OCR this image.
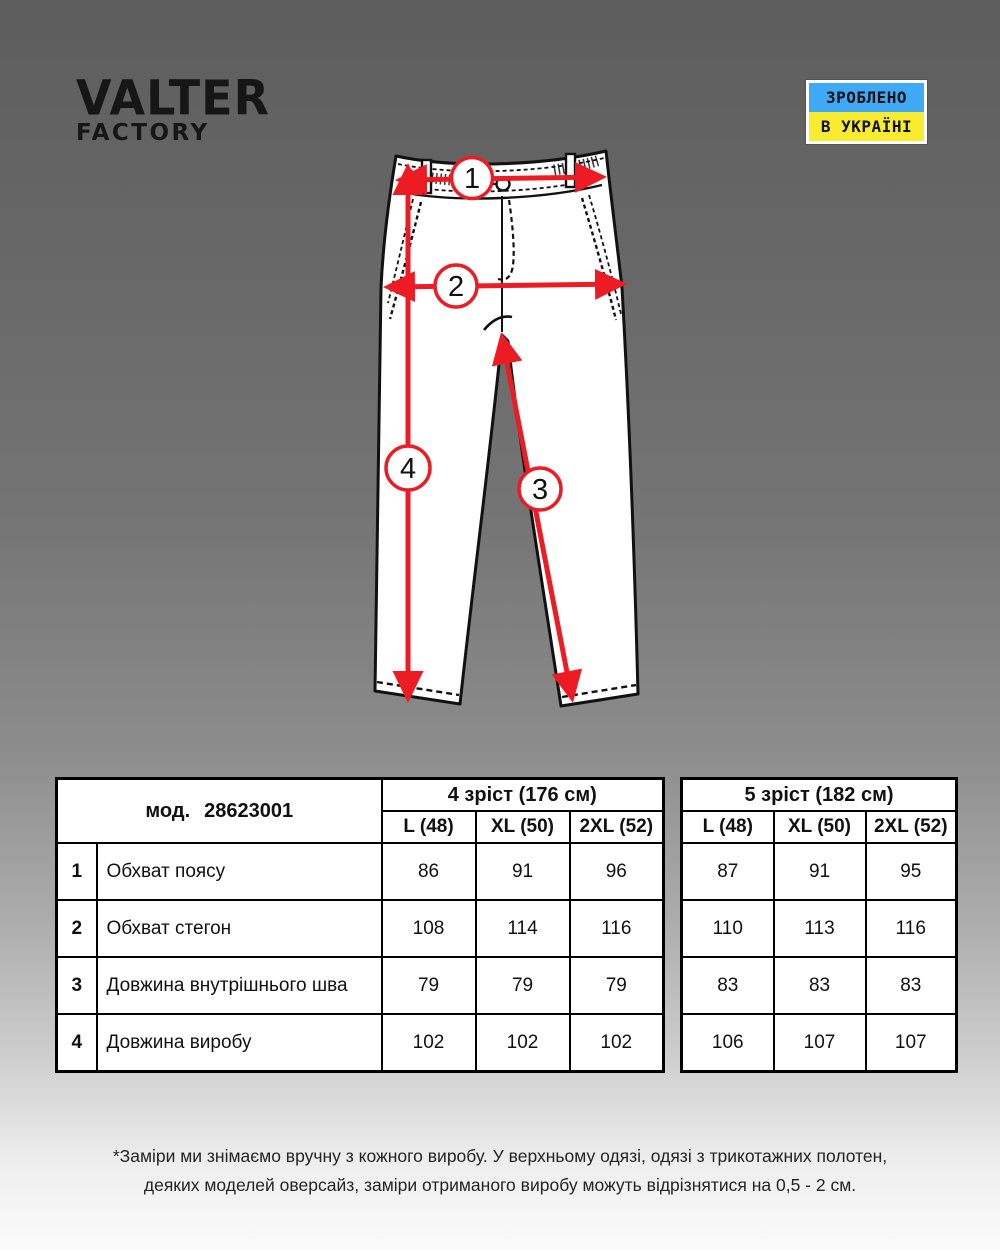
VALTER
FACTORY
ЗРОБЛЕНО
В УКРАЇНІ
1
2
3
4
мод. 28623001		4 зріст (176 см)		
		L (48)	XL (50)	2XL (52)
1	Обхват поясу	86	91	96
2	Обхват стегон	108	114	116
3	Довжина внутрішнього шва	79	79	79
4	Довжина виробу	102	102	102
5 зріст (182 см)		
L (48)	XL (50)	2XL (52)
87	91	95
110	113	116
83	83	83
106	107	107
*Заміри ми знімаємо вручну з кожного виробу. У верхньому одязі, одязі з трикотажних полотен,
деяких моделей оверсайз, заміри отриманого виробу можуть відрізнятися на 0,5 - 2 см.
